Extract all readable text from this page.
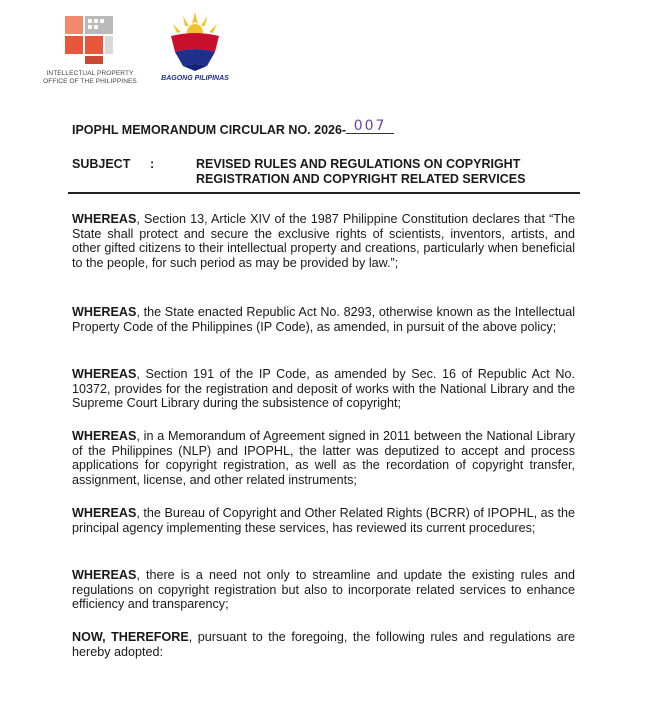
INTELLECTUAL PROPERTY
OFFICE OF THE PHILIPPINES	BAGONG PILIPINAS
IPOPHL MEMORANDUM CIRCULAR NO. 2026- 007
SUBJECT :	REVISED RULES AND REGULATIONS ON COPYRIGHT
REGISTRATION AND COPYRIGHT RELATED SERVICES
WHEREAS, Section 13, Article XIV of the 1987 Philippine Constitution declares that “The State shall protect and secure the exclusive rights of scientists, inventors, artists, and other gifted citizens to their intellectual property and creations, particularly when beneficial to the people, for such period as may be provided by law.”;
WHEREAS, the State enacted Republic Act No. 8293, otherwise known as the Intellectual Property Code of the Philippines (IP Code), as amended, in pursuit of the above policy;
WHEREAS, Section 191 of the IP Code, as amended by Sec. 16 of Republic Act No. 10372, provides for the registration and deposit of works with the National Library and the Supreme Court Library during the subsistence of copyright;
WHEREAS, in a Memorandum of Agreement signed in 2011 between the National Library of the Philippines (NLP) and IPOPHL, the latter was deputized to accept and process applications for copyright registration, as well as the recordation of copyright transfer, assignment, license, and other related instruments;
WHEREAS, the Bureau of Copyright and Other Related Rights (BCRR) of IPOPHL, as the principal agency implementing these services, has reviewed its current procedures;
WHEREAS, there is a need not only to streamline and update the existing rules and regulations on copyright registration but also to incorporate related services to enhance efficiency and transparency;
NOW, THEREFORE, pursuant to the foregoing, the following rules and regulations are hereby adopted:
